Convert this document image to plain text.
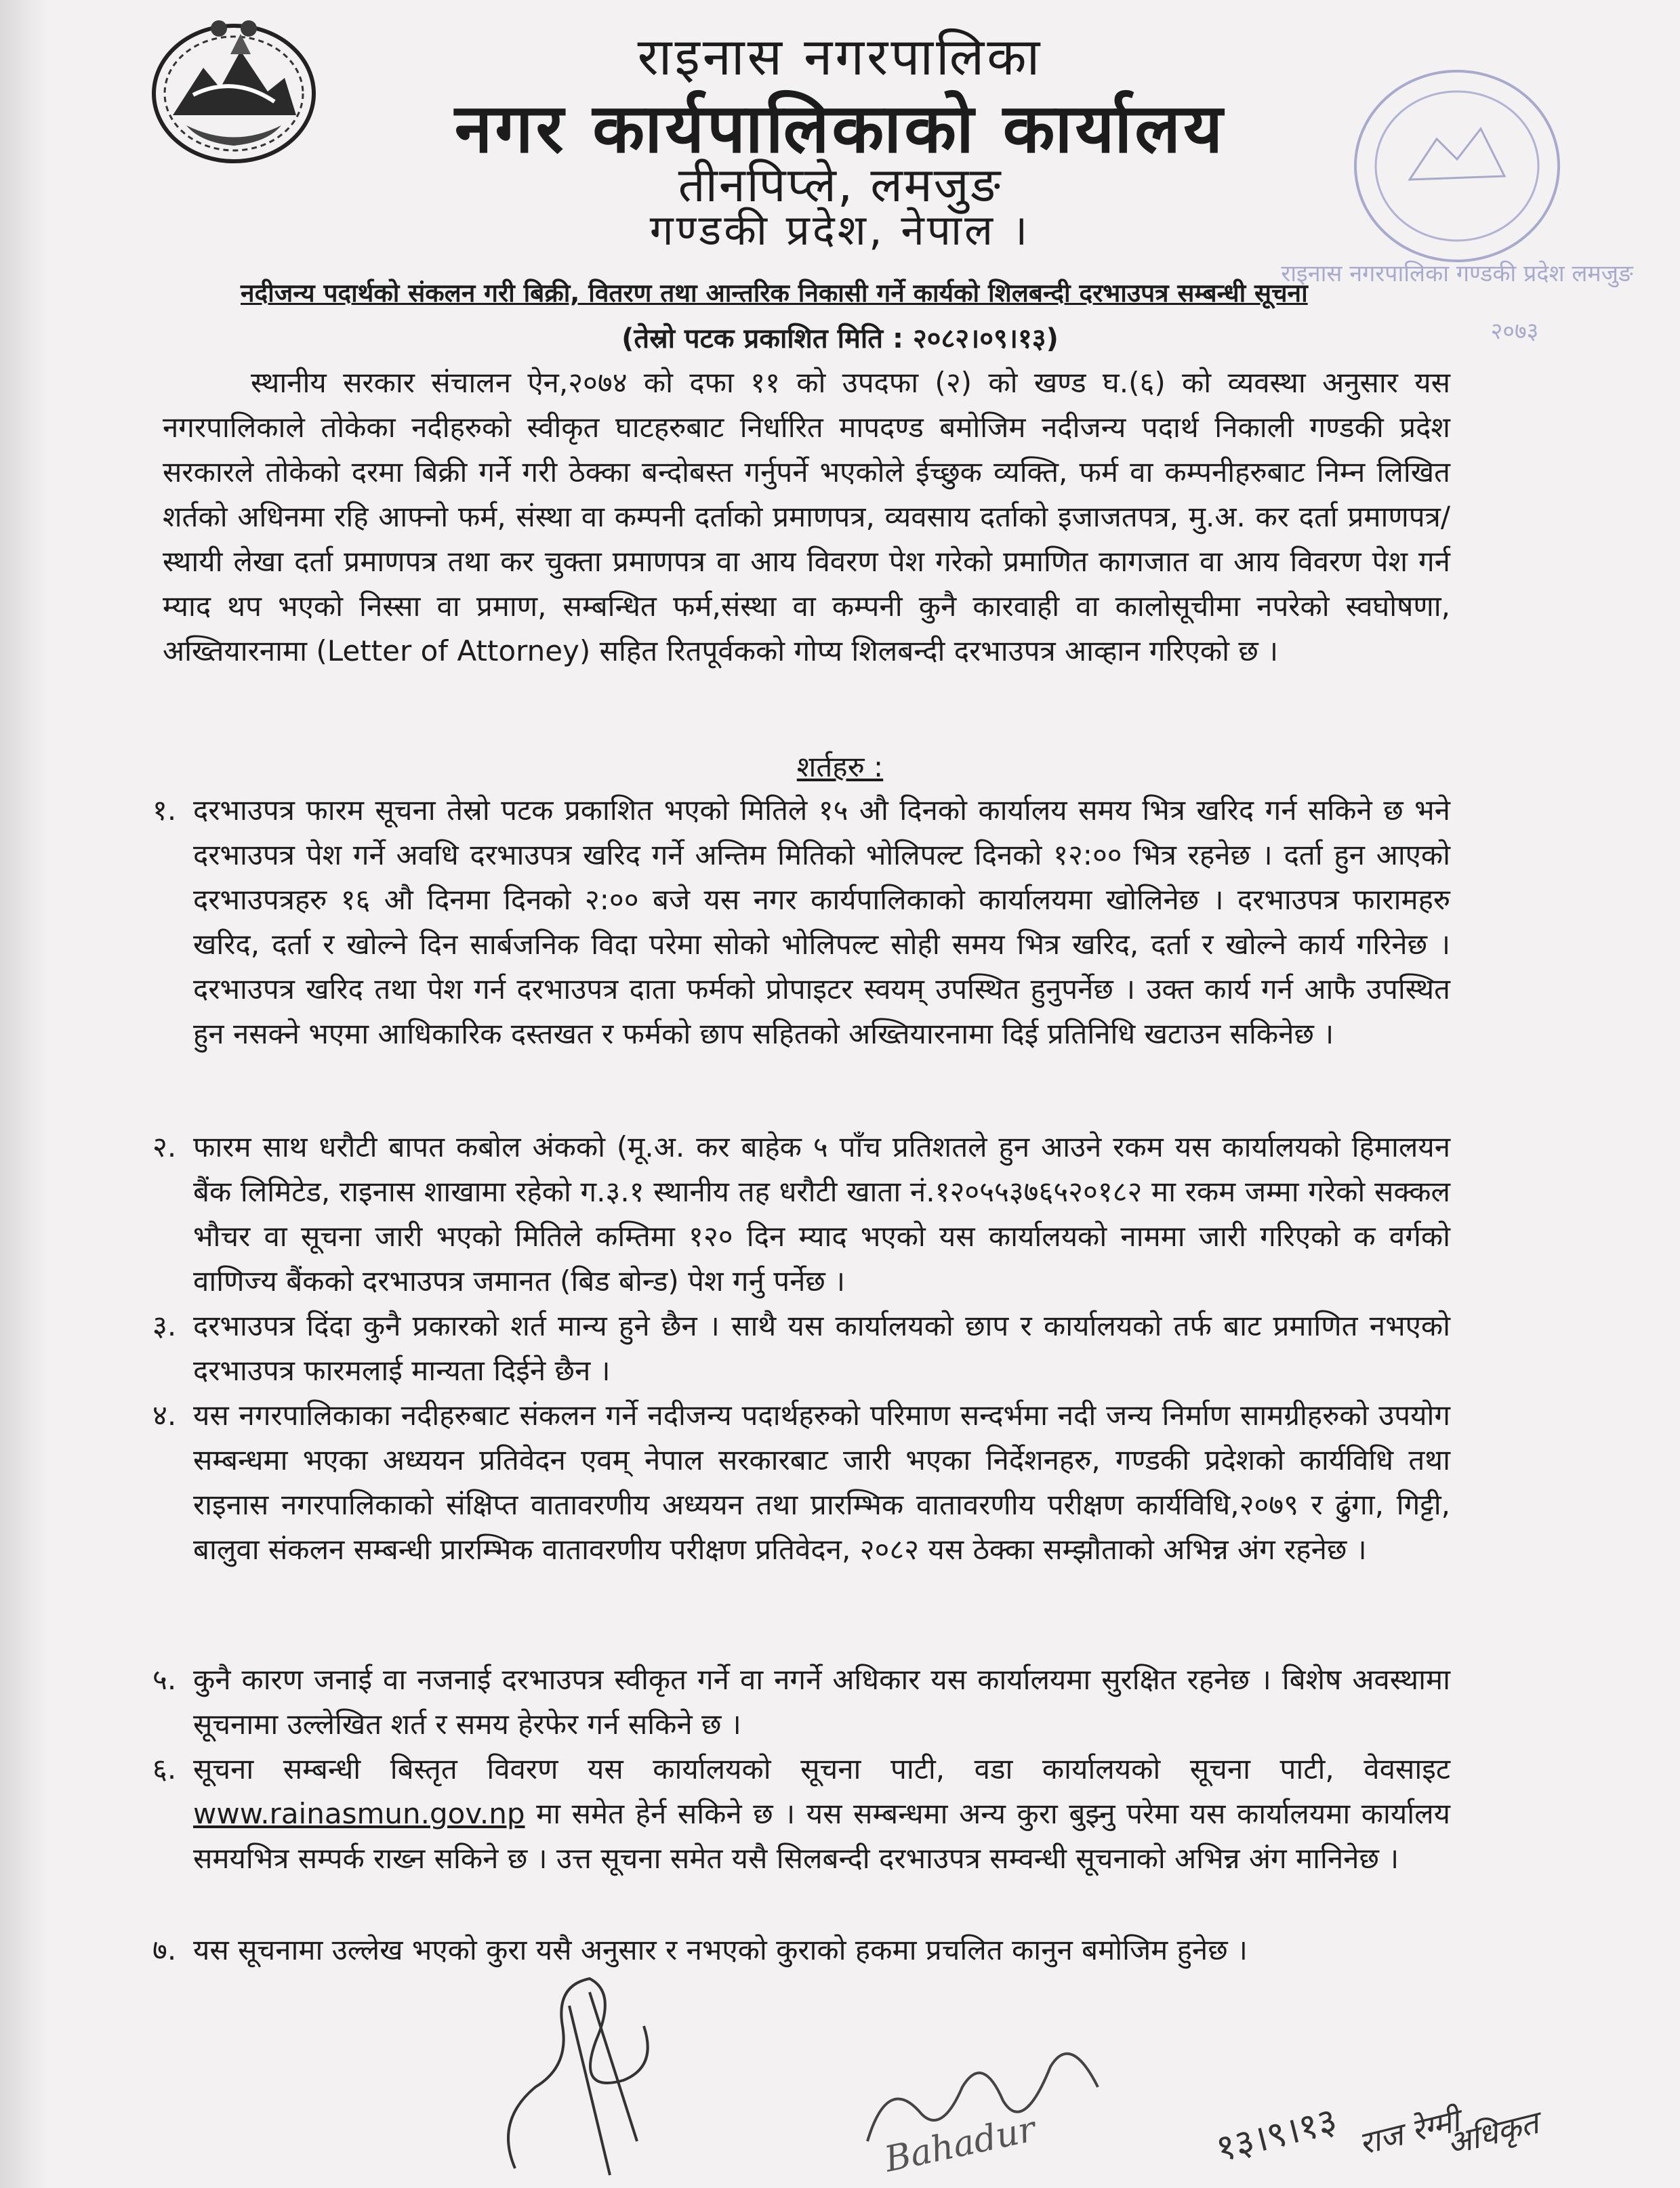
राइनास नगरपालिका
नगर कार्यपालिकाको कार्यालय
तीनपिप्ले, लमजुङ
गण्डकी प्रदेश, नेपाल ।
राइनास नगरपालिका गण्डकी प्रदेश लमजुङ
२०७३
नदीजन्य पदार्थको संकलन गरी बिक्री, वितरण तथा आन्तरिक निकासी गर्ने कार्यको शिलबन्दी दरभाउपत्र सम्बन्धी सूचना
(तेस्रो पटक प्रकाशित मिति : २०८२।०९।१३)
स्थानीय सरकार संचालन ऐन,२०७४ को दफा ११ को उपदफा (२) को खण्ड घ.(६) को व्यवस्था अनुसार यस नगरपालिकाले तोकेका नदीहरुको स्वीकृत घाटहरुबाट निर्धारित मापदण्ड बमोजिम नदीजन्य पदार्थ निकाली गण्डकी प्रदेश सरकारले तोकेको दरमा बिक्री गर्ने गरी ठेक्का बन्दोबस्त गर्नुपर्ने भएकोले ईच्छुक व्यक्ति, फर्म वा कम्पनीहरुबाट निम्न लिखित शर्तको अधिनमा रहि आफ्नो फर्म, संस्था वा कम्पनी दर्ताको प्रमाणपत्र, व्यवसाय दर्ताको इजाजतपत्र, मु.अ. कर दर्ता प्रमाणपत्र/स्थायी लेखा दर्ता प्रमाणपत्र तथा कर चुक्ता प्रमाणपत्र वा आय विवरण पेश गरेको प्रमाणित कागजात वा आय विवरण पेश गर्न म्याद थप भएको निस्सा वा प्रमाण, सम्बन्धित फर्म,संस्था वा कम्पनी कुनै कारवाही वा कालोसूचीमा नपरेको स्वघोषणा, अख्तियारनामा (Letter of Attorney) सहित रितपूर्वकको गोप्य शिलबन्दी दरभाउपत्र आव्हान गरिएको छ ।
शर्तहरु :
१. दरभाउपत्र फारम सूचना तेस्रो पटक प्रकाशित भएको मितिले १५ औ दिनको कार्यालय समय भित्र खरिद गर्न सकिने छ भने दरभाउपत्र पेश गर्ने अवधि दरभाउपत्र खरिद गर्ने अन्तिम मितिको भोलिपल्ट दिनको १२:०० भित्र रहनेछ । दर्ता हुन आएको दरभाउपत्रहरु १६ औ दिनमा दिनको २:०० बजे यस नगर कार्यपालिकाको कार्यालयमा खोलिनेछ । दरभाउपत्र फारामहरु खरिद, दर्ता र खोल्ने दिन सार्बजनिक विदा परेमा सोको भोलिपल्ट सोही समय भित्र खरिद, दर्ता र खोल्ने कार्य गरिनेछ । दरभाउपत्र खरिद तथा पेश गर्न दरभाउपत्र दाता फर्मको प्रोपाइटर स्वयम् उपस्थित हुनुपर्नेछ । उक्त कार्य गर्न आफै उपस्थित हुन नसक्ने भएमा आधिकारिक दस्तखत र फर्मको छाप सहितको अख्तियारनामा दिई प्रतिनिधि खटाउन सकिनेछ ।
२. फारम साथ धरौटी बापत कबोल अंकको (मू.अ. कर बाहेक ५ पाँच प्रतिशतले हुन आउने रकम यस कार्यालयको हिमालयन बैंक लिमिटेड, राइनास शाखामा रहेको ग.३.१ स्थानीय तह धरौटी खाता नं.१२०५५३७६५२०१८२ मा रकम जम्मा गरेको सक्कल भौचर वा सूचना जारी भएको मितिले कम्तिमा १२० दिन म्याद भएको यस कार्यालयको नाममा जारी गरिएको क वर्गको वाणिज्य बैंकको दरभाउपत्र जमानत (बिड बोन्ड) पेश गर्नु पर्नेछ ।
३. दरभाउपत्र दिंदा कुनै प्रकारको शर्त मान्य हुने छैन । साथै यस कार्यालयको छाप र कार्यालयको तर्फ बाट प्रमाणित नभएको दरभाउपत्र फारमलाई मान्यता दिईने छैन ।
४. यस नगरपालिकाका नदीहरुबाट संकलन गर्ने नदीजन्य पदार्थहरुको परिमाण सन्दर्भमा नदी जन्य निर्माण सामग्रीहरुको उपयोग सम्बन्धमा भएका अध्ययन प्रतिवेदन एवम् नेपाल सरकारबाट जारी भएका निर्देशनहरु, गण्डकी प्रदेशको कार्यविधि तथा राइनास नगरपालिकाको संक्षिप्त वातावरणीय अध्ययन तथा प्रारम्भिक वातावरणीय परीक्षण कार्यविधि,२०७९ र ढुंगा, गिट्टी, बालुवा संकलन सम्बन्धी प्रारम्भिक वातावरणीय परीक्षण प्रतिवेदन, २०८२ यस ठेक्का सम्झौताको अभिन्न अंग रहनेछ ।
५. कुनै कारण जनाई वा नजनाई दरभाउपत्र स्वीकृत गर्ने वा नगर्ने अधिकार यस कार्यालयमा सुरक्षित रहनेछ । बिशेष अवस्थामा सूचनामा उल्लेखित शर्त र समय हेरफेर गर्न सकिने छ ।
६. सूचना सम्बन्धी बिस्तृत विवरण यस कार्यालयको सूचना पाटी, वडा कार्यालयको सूचना पाटी, वेवसाइट www.rainasmun.gov.np मा समेत हेर्न सकिने छ । यस सम्बन्धमा अन्य कुरा बुझ्नु परेमा यस कार्यालयमा कार्यालय समयभित्र सम्पर्क राख्न सकिने छ । उत्त सूचना समेत यसै सिलबन्दी दरभाउपत्र सम्वन्धी सूचनाको अभिन्न अंग मानिनेछ ।
७. यस सूचनामा उल्लेख भएको कुरा यसै अनुसार र नभएको कुराको हकमा प्रचलित कानुन बमोजिम हुनेछ ।
Bahadur	१३।९।१३ राज रेग्मी
अधिकृत
